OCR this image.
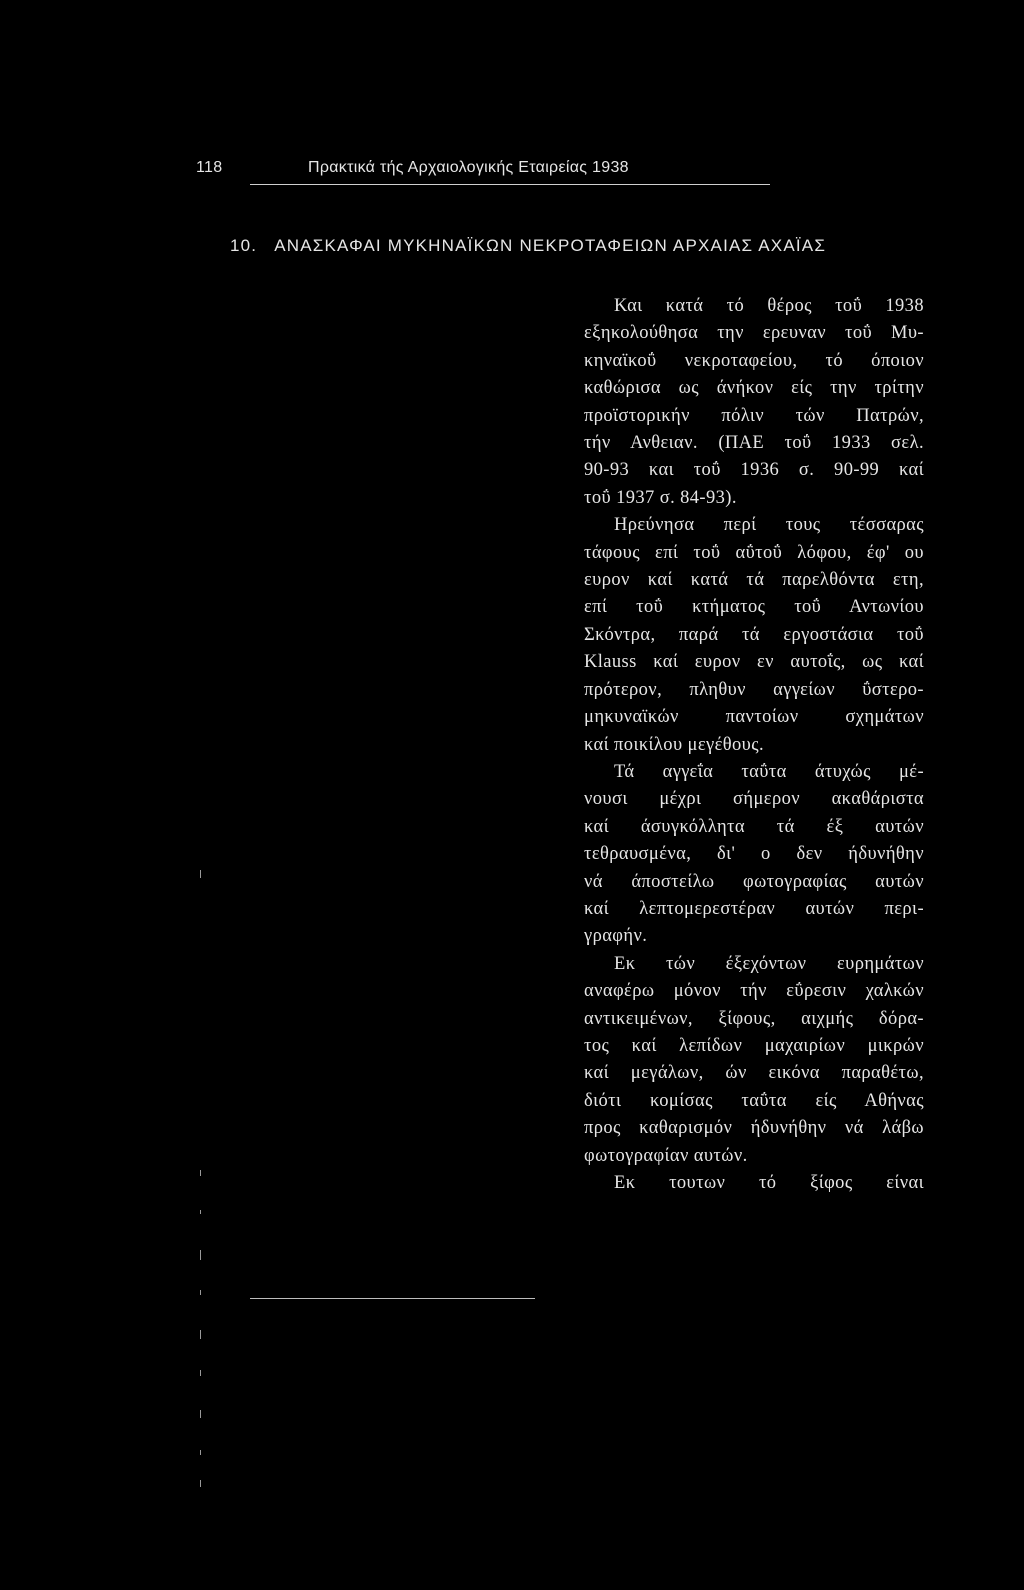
118	Πρακτικά τής Αρχαιολογικής Εταιρείας 1938
10. ΑΝΑΣΚΑΦΑΙ ΜΥΚΗΝΑΪΚΩΝ ΝΕΚΡΟΤΑΦΕΙΩΝ ΑΡΧΑΙΑΣ ΑΧΑΪΑΣ
Και κατά τό θέρος τοΰ 1938
εξηκολούθησα την ερευναν τοΰ Μυ-
κηναϊκοΰ νεκροταφείου, τό όποιον
καθώρισα ως άνήκον είς την τρίτην
προϊστορικήν πόλιν τών Πατρών,
τήν Ανθειαν. (ΠΑΕ τοΰ 1933 σελ.
90-93 και τοΰ 1936 σ. 90-99 καί
τοΰ 1937 σ. 84-93).
Ηρεύνησα περί τους τέσσαρας
τάφους επί τοΰ αΰτοΰ λόφου, έφ' ου
ευρον καί κατά τά παρελθόντα ετη,
επί τοΰ κτήματος τοΰ Αντωνίου
Σκόντρα, παρά τά εργοστάσια τοΰ
Klauss καί ευρον εν αυτοΐς, ως καί
πρότερον, πληθυν αγγείων ΰστερο-
μηκυναϊκών παντοίων σχημάτων
καί ποικίλου μεγέθους.
Τά αγγεΐα ταΰτα άτυχώς μέ-
νουσι μέχρι σήμερον ακαθάριστα
καί άσυγκόλλητα τά έξ αυτών
τεθραυσμένα, δι' ο δεν ήδυνήθην
νά άποστείλω φωτογραφίας αυτών
καί λεπτομερεστέραν αυτών περι-
γραφήν.
Εκ τών έξεχόντων ευρημάτων
αναφέρω μόνον τήν εΰρεσιν χαλκών
αντικειμένων, ξίφους, αιχμής δόρα-
τος καί λεπίδων μαχαιρίων μικρών
καί μεγάλων, ών εικόνα παραθέτω,
διότι κομίσας ταΰτα είς Αθήνας
προς καθαρισμόν ήδυνήθην νά λάβω
φωτογραφίαν αυτών.
Εκ τουτων τό ξίφος είναι
